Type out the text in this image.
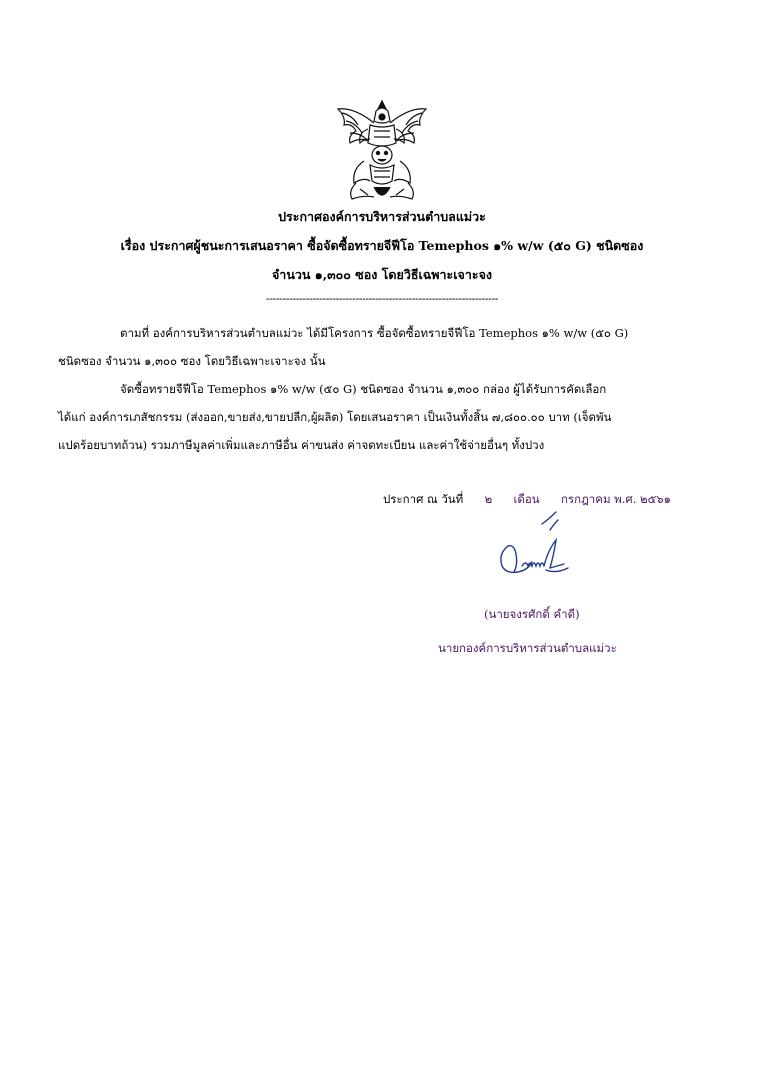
ประกาศองค์การบริหารส่วนตำบลแม่วะ
เรื่อง ประกาศผู้ชนะการเสนอราคา ซื้อจัดซื้อทรายจีฟีโอ Temephos ๑% w/w (๕๐ G) ชนิดซอง
จำนวน ๑,๓๐๐ ซอง โดยวิธีเฉพาะเจาะจง
----------------------------------------------------------------------
ตามที่ องค์การบริหารส่วนตำบลแม่วะ ได้มีโครงการ ซื้อจัดซื้อทรายจีฟีโอ Temephos ๑% w/w (๕๐ G)
ชนิดซอง จำนวน ๑,๓๐๐ ซอง โดยวิธีเฉพาะเจาะจง นั้น
จัดซื้อทรายจีฟีโอ Temephos ๑% w/w (๕๐ G) ชนิดซอง จำนวน ๑,๓๐๐ กล่อง ผู้ได้รับการคัดเลือก
ได้แก่ องค์การเภสัชกรรม (ส่งออก,ขายส่ง,ขายปลีก,ผู้ผลิต) โดยเสนอราคา เป็นเงินทั้งสิ้น ๗,๘๐๐.๐๐ บาท (เจ็ดพัน
แปดร้อยบาทถ้วน) รวมภาษีมูลค่าเพิ่มและภาษีอื่น ค่าขนส่ง ค่าจดทะเบียน และค่าใช้จ่ายอื่นๆ ทั้งปวง
ประกาศ ณ วันที่ ๒ เดือน กรกฎาคม พ.ศ. ๒๕๖๑
(นายจงรศักดิ์ คำดี)
นายกองค์การบริหารส่วนตำบลแม่วะ
